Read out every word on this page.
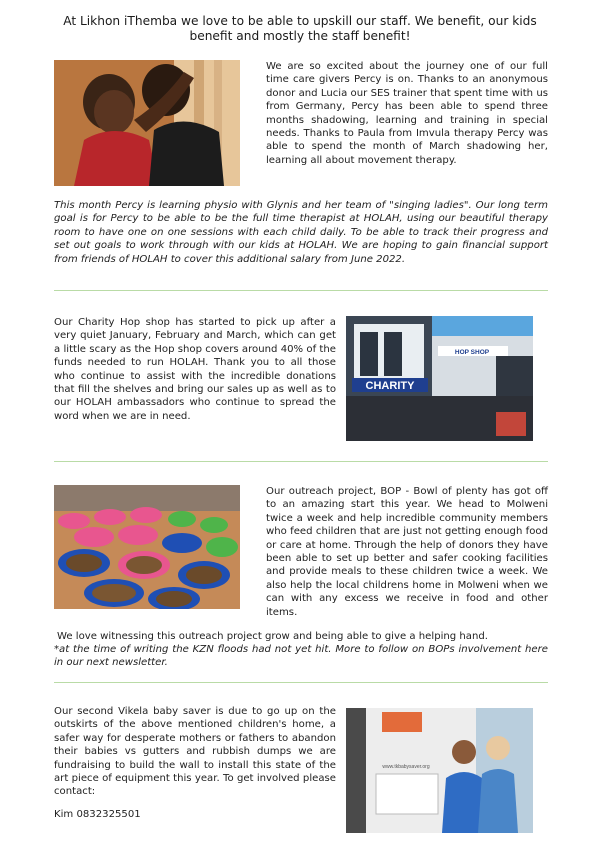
At Likhon iThemba we love to be able to upskill our staff. We benefit, our kids benefit and mostly the staff benefit!
We are so excited about the journey one of our full time care givers Percy is on. Thanks to an anonymous donor and Lucia our SES trainer that spent time with us from Germany, Percy has been able to spend three months shadowing, learning and training in special needs. Thanks to Paula from Imvula therapy Percy was able to spend the month of March shadowing her, learning all about movement therapy.
This month Percy is learning physio with Glynis and her team of "singing ladies". Our long term goal is for Percy to be able to be the full time therapist at HOLAH, using our beautiful therapy room to have one on one sessions with each child daily. To be able to track their progress and set out goals to work through with our kids at HOLAH. We are hoping to gain financial support from friends of HOLAH to cover this additional salary from June 2022.
Our Charity Hop shop has started to pick up after a very quiet January, February and March, which can get a little scary as the Hop shop covers around 40% of the funds needed to run HOLAH. Thank you to all those who continue to assist with the incredible donations that fill the shelves and bring our sales up as well as to our HOLAH ambassadors who continue to spread the word when we are in need.
CHARITY
HOP SHOP
Our outreach project, BOP - Bowl of plenty has got off to an amazing start this year. We head to Molweni twice a week and help incredible community members who feed children that are just not getting enough food or care at home. Through the help of donors they have been able to set up better and safer cooking facilities and provide meals to these children twice a week. We also help the local childrens home in Molweni when we can with any excess we receive in food and other items.
We love witnessing this outreach project grow and being able to give a helping hand.
*at the time of writing the KZN floods had not yet hit. More to follow on BOPs involvement here in our next newsletter.
Our second Vikela baby saver is due to go up on the outskirts of the above mentioned children's home, a safer way for desperate mothers or fathers to abandon their babies vs gutters and rubbish dumps we are fundraising to build the wall to install this state of the art piece of equipment this year. To get involved please contact:
Kim 0832325501
www.tkbabysaver.org
